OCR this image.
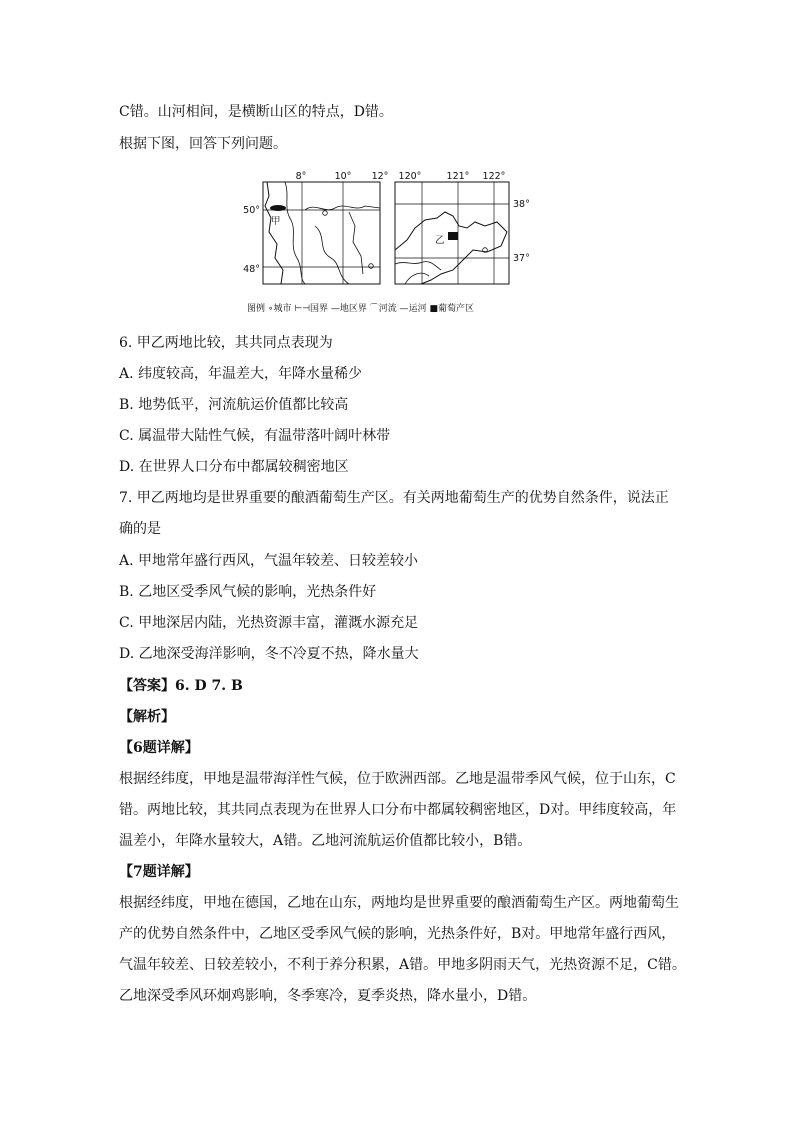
C错。山河相间，是横断山区的特点，D错。
根据下图，回答下列问题。
8°	10° 12°
50°
48°
甲
120°	121° 122°
38°
37°
乙
图例 ∘城市 ⊢⊣国界 —地区界 ⌒河流 —运河 ■葡萄产区
6. 甲乙两地比较，其共同点表现为
A. 纬度较高，年温差大，年降水量稀少
B. 地势低平，河流航运价值都比较高
C. 属温带大陆性气候，有温带落叶阔叶林带
D. 在世界人口分布中都属较稠密地区
7. 甲乙两地均是世界重要的酿酒葡萄生产区。有关两地葡萄生产的优势自然条件，说法正
确的是
A. 甲地常年盛行西风，气温年较差、日较差较小
B. 乙地区受季风气候的影响，光热条件好
C. 甲地深居内陆，光热资源丰富，灌溉水源充足
D. 乙地深受海洋影响，冬不冷夏不热，降水量大
【答案】6. D 7. B
【解析】
【6题详解】
根据经纬度，甲地是温带海洋性气候，位于欧洲西部。乙地是温带季风气候，位于山东，C
错。两地比较，其共同点表现为在世界人口分布中都属较稠密地区，D对。甲纬度较高，年
温差小，年降水量较大，A错。乙地河流航运价值都比较小，B错。
【7题详解】
根据经纬度，甲地在德国，乙地在山东，两地均是世界重要的酿酒葡萄生产区。两地葡萄生
产的优势自然条件中，乙地区受季风气候的影响，光热条件好，B对。甲地常年盛行西风，
气温年较差、日较差较小，不利于养分积累，A错。甲地多阴雨天气，光热资源不足，C错。
乙地深受季风环炯鸡影响，冬季寒冷，夏季炎热，降水量小，D错。
